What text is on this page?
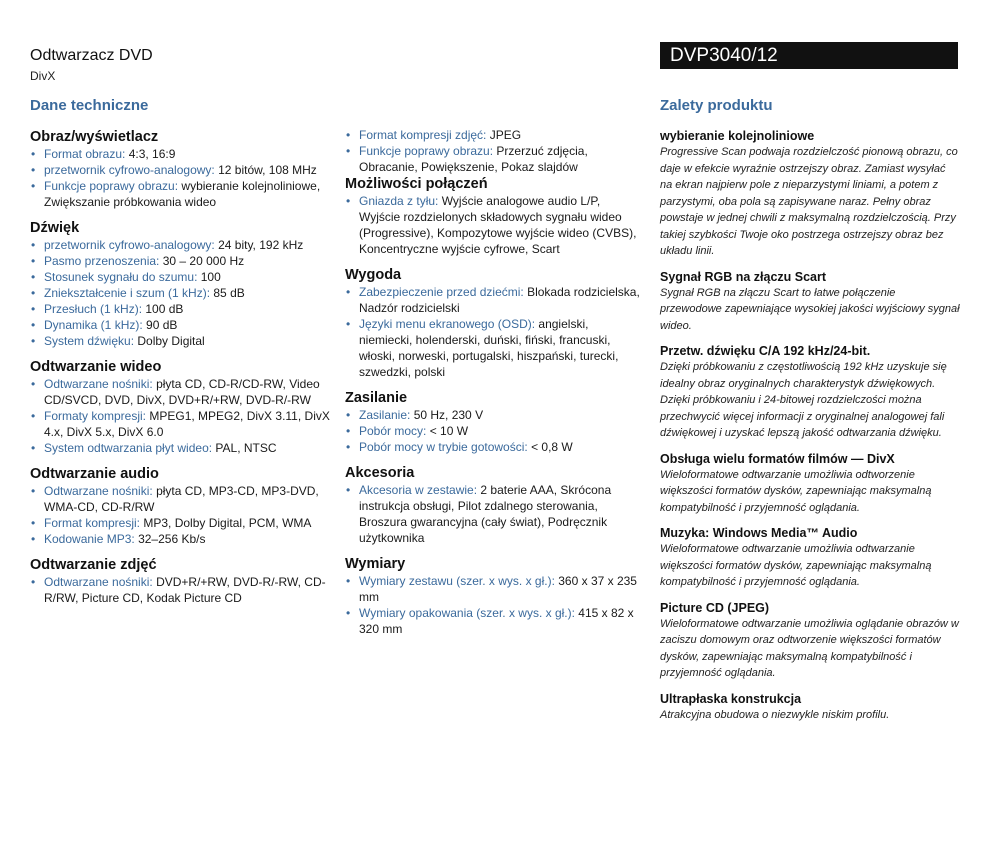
Odtwarzacz DVD
DivX
DVP3040/12
Dane techniczne
Obraz/wyświetlacz
• Format obrazu: 4:3, 16:9
• przetwornik cyfrowo-analogowy: 12 bitów, 108 MHz
• Funkcje poprawy obrazu: wybieranie kolejnoliniowe, Zwiększanie próbkowania wideo
Dźwięk
• przetwornik cyfrowo-analogowy: 24 bity, 192 kHz
• Pasmo przenoszenia: 30 – 20 000 Hz
• Stosunek sygnału do szumu: 100
• Zniekształcenie i szum (1 kHz): 85 dB
• Przesłuch (1 kHz): 100 dB
• Dynamika (1 kHz): 90 dB
• System dźwięku: Dolby Digital
Odtwarzanie wideo
• Odtwarzane nośniki: płyta CD, CD-R/CD-RW, Video CD/SVCD, DVD, DivX, DVD+R/+RW, DVD-R/-RW
• Formaty kompresji: MPEG1, MPEG2, DivX 3.11, DivX 4.x, DivX 5.x, DivX 6.0
• System odtwarzania płyt wideo: PAL, NTSC
Odtwarzanie audio
• Odtwarzane nośniki: płyta CD, MP3-CD, MP3-DVD, WMA-CD, CD-R/RW
• Format kompresji: MP3, Dolby Digital, PCM, WMA
• Kodowanie MP3: 32–256 Kb/s
Odtwarzanie zdjęć
• Odtwarzane nośniki: DVD+R/+RW, DVD-R/-RW, CD-R/RW, Picture CD, Kodak Picture CD
• Format kompresji zdjęć: JPEG
• Funkcje poprawy obrazu: Przerzuć zdjęcia, Obracanie, Powiększenie, Pokaz slajdów
Możliwości połączeń
• Gniazda z tyłu: Wyjście analogowe audio L/P, Wyjście rozdzielonych składowych sygnału wideo (Progressive), Kompozytowe wyjście wideo (CVBS), Koncentryczne wyjście cyfrowe, Scart
Wygoda
• Zabezpieczenie przed dziećmi: Blokada rodzicielska, Nadzór rodzicielski
• Języki menu ekranowego (OSD): angielski, niemiecki, holenderski, duński, fiński, francuski, włoski, norweski, portugalski, hiszpański, turecki, szwedzki, polski
Zasilanie
• Zasilanie: 50 Hz, 230 V
• Pobór mocy: < 10 W
• Pobór mocy w trybie gotowości: < 0,8 W
Akcesoria
• Akcesoria w zestawie: 2 baterie AAA, Skrócona instrukcja obsługi, Pilot zdalnego sterowania, Broszura gwarancyjna (cały świat), Podręcznik użytkownika
Wymiary
• Wymiary zestawu (szer. x wys. x gł.): 360 x 37 x 235 mm
• Wymiary opakowania (szer. x wys. x gł.): 415 x 82 x 320 mm
Zalety produktu
wybieranie kolejnoliniowe
Progressive Scan podwaja rozdzielczość pionową obrazu, co daje w efekcie wyraźnie ostrzejszy obraz. Zamiast wysyłać na ekran najpierw pole z nieparzystymi liniami, a potem z parzystymi, oba pola są zapisywane naraz. Pełny obraz powstaje w jednej chwili z maksymalną rozdzielczością. Przy takiej szybkości Twoje oko postrzega ostrzejszy obraz bez układu linii.
Sygnał RGB na złączu Scart
Sygnał RGB na złączu Scart to łatwe połączenie przewodowe zapewniające wysokiej jakości wyjściowy sygnał wideo.
Przetw. dźwięku C/A 192 kHz/24-bit.
Dzięki próbkowaniu z częstotliwością 192 kHz uzyskuje się idealny obraz oryginalnych charakterystyk dźwiękowych. Dzięki próbkowaniu i 24-bitowej rozdzielczości można przechwycić więcej informacji z oryginalnej analogowej fali dźwiękowej i uzyskać lepszą jakość odtwarzania dźwięku.
Obsługa wielu formatów filmów — DivX
Wieloformatowe odtwarzanie umożliwia odtworzenie większości formatów dysków, zapewniając maksymalną kompatybilność i przyjemność oglądania.
Muzyka: Windows Media™ Audio
Wieloformatowe odtwarzanie umożliwia odtwarzanie większości formatów dysków, zapewniając maksymalną kompatybilność i przyjemność oglądania.
Picture CD (JPEG)
Wieloformatowe odtwarzanie umożliwia oglądanie obrazów w zaciszu domowym oraz odtworzenie większości formatów dysków, zapewniając maksymalną kompatybilność i przyjemność oglądania.
Ultrapłaska konstrukcja
Atrakcyjna obudowa o niezwykle niskim profilu.
